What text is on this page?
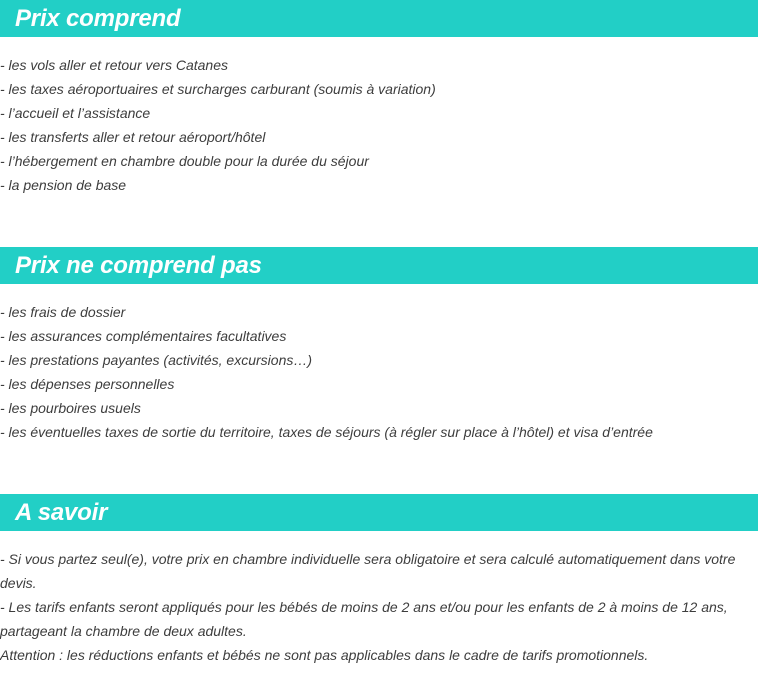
Prix comprend
- les vols aller et retour vers Catanes
- les taxes aéroportuaires et surcharges carburant (soumis à variation)
- l’accueil et l’assistance
- les transferts aller et retour aéroport/hôtel
- l’hébergement en chambre double pour la durée du séjour
- la pension de base
Prix ne comprend pas
- les frais de dossier
- les assurances complémentaires facultatives
- les prestations payantes (activités, excursions…)
- les dépenses personnelles
- les pourboires usuels
- les éventuelles taxes de sortie du territoire, taxes de séjours (à régler sur place à l’hôtel) et visa d’entrée
A savoir

- Si vous partez seul(e), votre prix en chambre individuelle sera obligatoire et sera calculé automatiquement dans votre devis.

- Les tarifs enfants seront appliqués pour les bébés de moins de 2 ans et/ou pour les enfants de 2 à moins de 12 ans, partageant la chambre de deux adultes.

Attention : les réductions enfants et bébés ne sont pas applicables dans le cadre de tarifs promotionnels.
